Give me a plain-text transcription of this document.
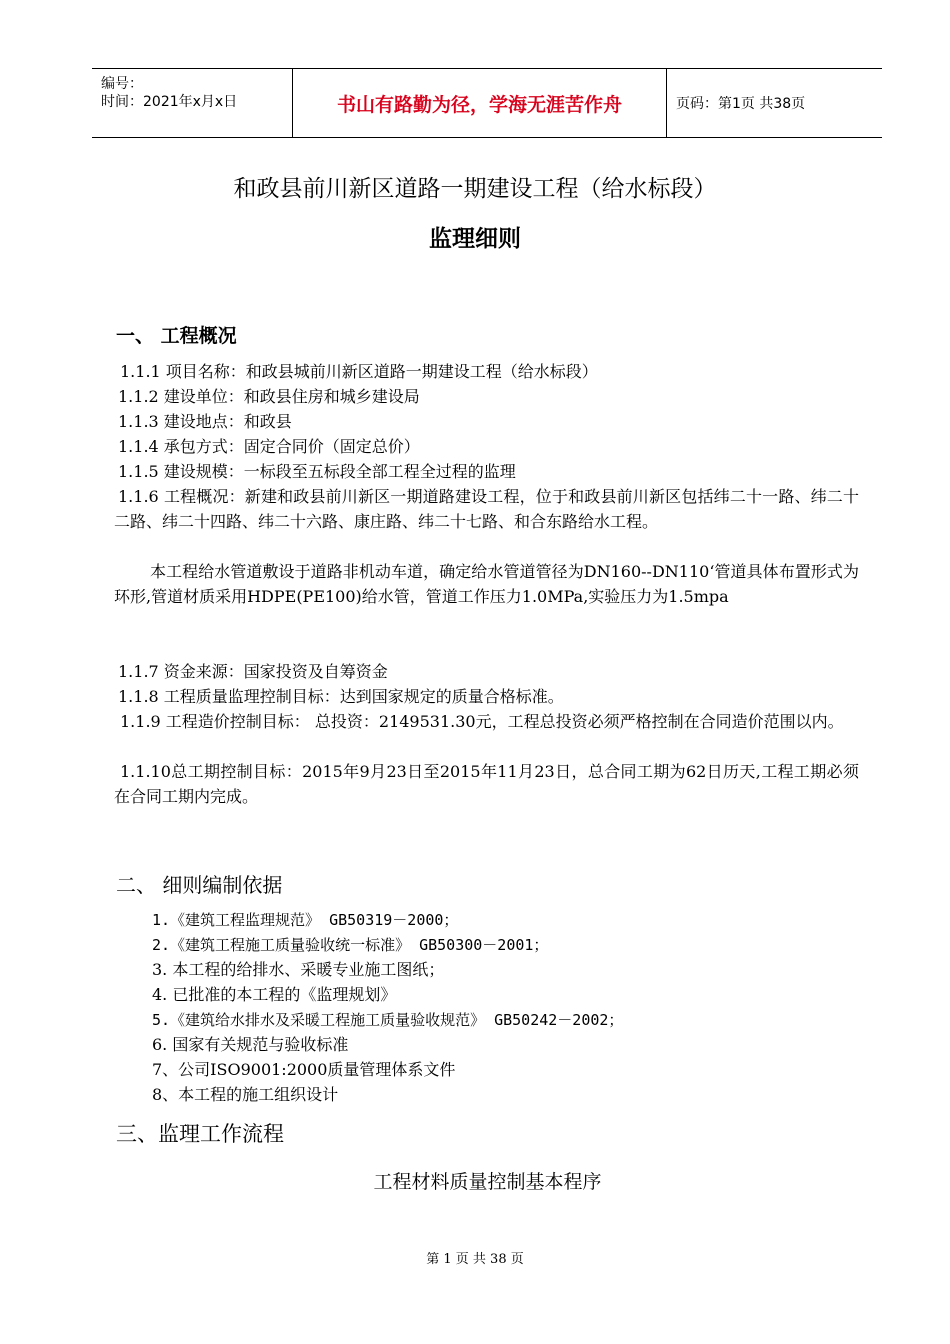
编号：
时间：2021年x月x日	书山有路勤为径，学海无涯苦作舟	页码：第1页 共38页
和政县前川新区道路一期建设工程（给水标段）
监理细则
一、 工程概况
1.1.1 项目名称：和政县城前川新区道路一期建设工程（给水标段）
1.1.2 建设单位：和政县住房和城乡建设局
1.1.3 建设地点：和政县
1.1.4 承包方式：固定合同价（固定总价）
1.1.5 建设规模：一标段至五标段全部工程全过程的监理
1.1.6 工程概况：新建和政县前川新区一期道路建设工程，位于和政县前川新区包括纬二十一路、纬二十二路、纬二十四路、纬二十六路、康庄路、纬二十七路、和合东路给水工程。
本工程给水管道敷设于道路非机动车道，确定给水管道管径为DN160--DN110‘管道具体布置形式为环形,管道材质采用HDPE(PE100)给水管，管道工作压力1.0MPa,实验压力为1.5mpa
1.1.7 资金来源：国家投资及自筹资金
1.1.8 工程质量监理控制目标：达到国家规定的质量合格标准。
1.1.9 工程造价控制目标： 总投资：2149531.30元，工程总投资必须严格控制在合同造价范围以内。
1.1.10总工期控制目标：2015年9月23日至2015年11月23日，总合同工期为62日历天,工程工期必须在合同工期内完成。
二、 细则编制依据
1.《建筑工程监理规范》 GB50319－2000；
2.《建筑工程施工质量验收统一标准》 GB50300－2001；
3. 本工程的给排水、采暖专业施工图纸；
4. 已批准的本工程的《监理规划》
5.《建筑给水排水及采暖工程施工质量验收规范》 GB50242－2002；
6. 国家有关规范与验收标准
7、公司ISO9001:2000质量管理体系文件
8、本工程的施工组织设计
三、监理工作流程
工程材料质量控制基本程序
第 1 页 共 38 页
